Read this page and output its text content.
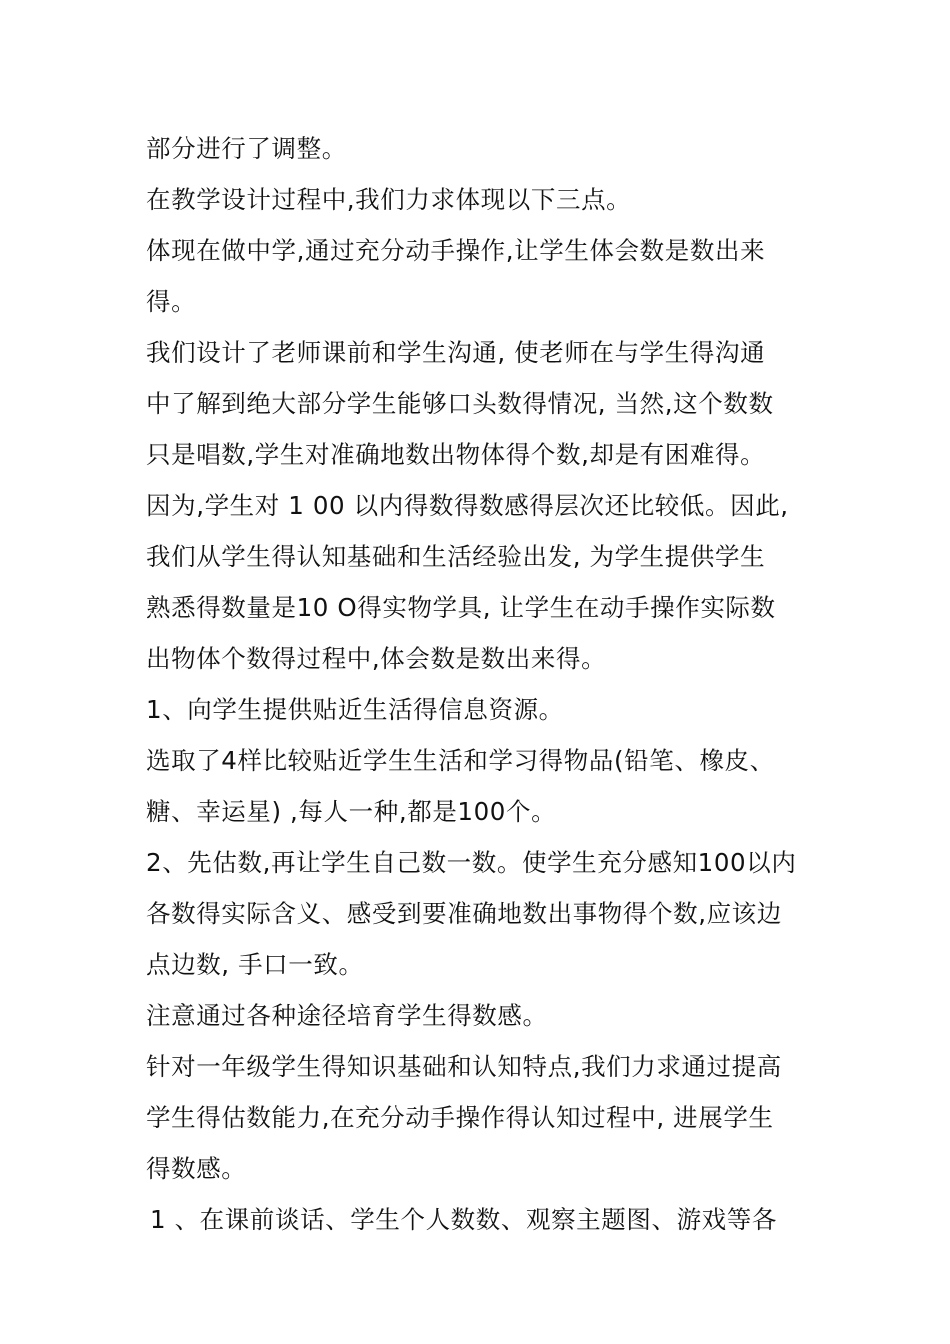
部分进行了调整。
在教学设计过程中,我们力求体现以下三点。
体现在做中学,通过充分动手操作,让学生体会数是数出来
得。
我们设计了老师课前和学生沟通, 使老师在与学生得沟通
中了解到绝大部分学生能够口头数得情况, 当然,这个数数
只是唱数,学生对准确地数出物体得个数,却是有困难得。
因为,学生对 1 00 以内得数得数感得层次还比较低。因此,
我们从学生得认知基础和生活经验出发, 为学生提供学生
熟悉得数量是10 O得实物学具, 让学生在动手操作实际数
出物体个数得过程中,体会数是数出来得。
1、向学生提供贴近生活得信息资源。
选取了4样比较贴近学生生活和学习得物品(铅笔、橡皮、
糖、幸运星) ,每人一种,都是100个。
2、先估数,再让学生自己数一数。使学生充分感知100以内
各数得实际含义、感受到要准确地数出事物得个数,应该边
点边数, 手口一致。
注意通过各种途径培育学生得数感。
针对一年级学生得知识基础和认知特点,我们力求通过提高
学生得估数能力,在充分动手操作得认知过程中, 进展学生
得数感。
1 、在课前谈话、学生个人数数、观察主题图、游戏等各
